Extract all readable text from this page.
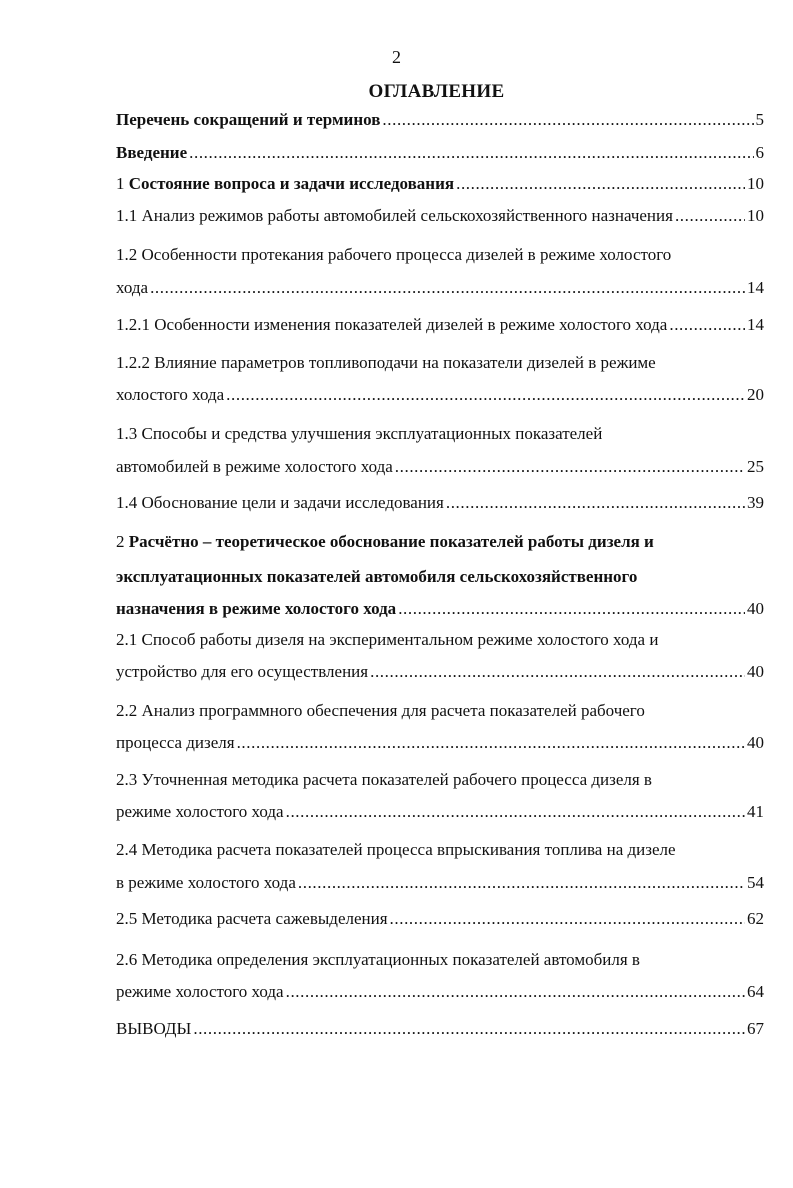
2
ОГЛАВЛЕНИЕ
Перечень сокращений и терминов .....	5
Введение .....	6
1 Состояние вопроса и задачи исследования .....	10
1.1 Анализ режимов работы автомобилей сельскохозяйственного назначения .....	10
1.2 Особенности протекания рабочего процесса дизелей в режиме холостого
хода .....	14
1.2.1 Особенности изменения показателей дизелей в режиме холостого хода .....	14
1.2.2 Влияние параметров топливоподачи на показатели дизелей в режиме
холостого хода .....	20
1.3 Способы и средства улучшения эксплуатационных показателей
автомобилей в режиме холостого хода .....	25
1.4 Обоснование цели и задачи исследования .....	39
2 Расчётно – теоретическое обоснование показателей работы дизеля и
эксплуатационных показателей автомобиля сельскохозяйственного
назначения в режиме холостого хода .....	40
2.1 Способ работы дизеля на экспериментальном режиме холостого хода и
устройство для его осуществления .....	40
2.2 Анализ программного обеспечения для расчета показателей рабочего
процесса дизеля .....	40
2.3 Уточненная методика расчета показателей рабочего процесса дизеля в
режиме холостого хода .....	41
2.4 Методика расчета показателей процесса впрыскивания топлива на дизеле
в режиме холостого хода .....	54
2.5 Методика расчета сажевыделения .....	62
2.6 Методика определения эксплуатационных показателей автомобиля в
режиме холостого хода .....	64
ВЫВОДЫ .....	67
